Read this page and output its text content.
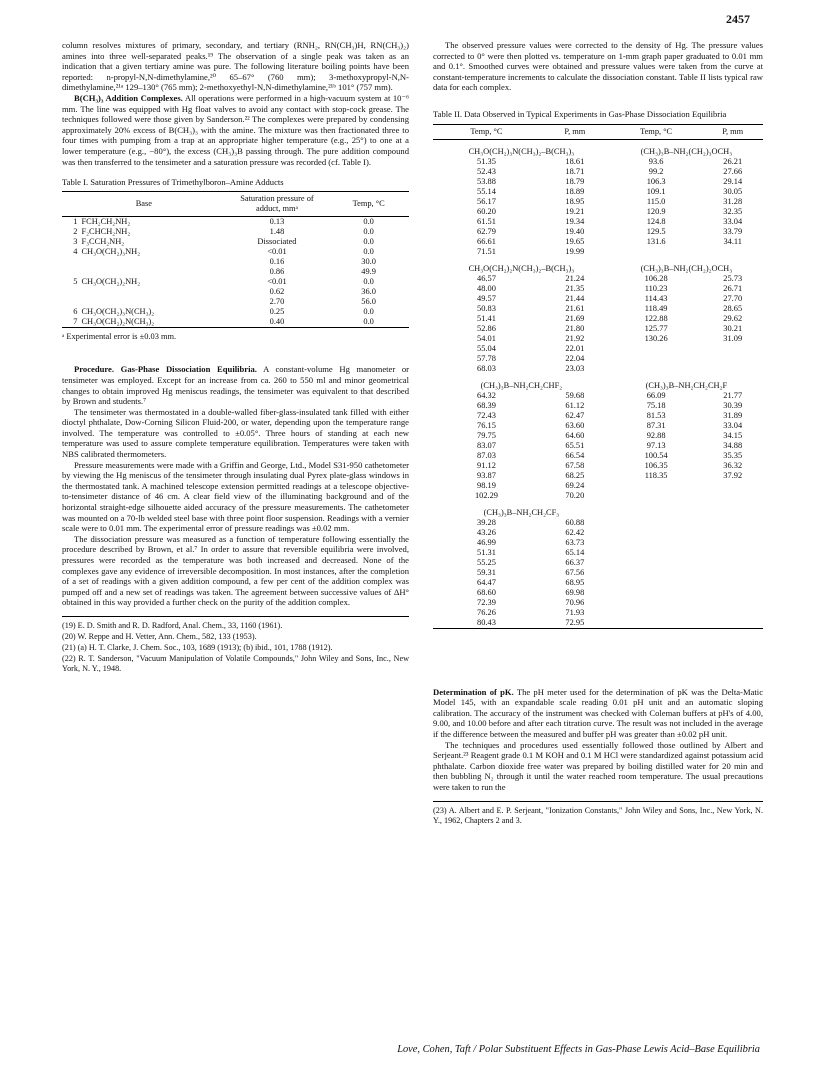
2457

column resolves mixtures of primary, secondary, and tertiary (RNH₂, RN(CH₃)H, RN(CH₃)₂) amines into three well-separated peaks.¹⁹ The observation of a single peak was taken as an indication that a given tertiary amine was pure. The following literature boiling points have been reported: n-propyl-N,N-dimethylamine,²⁰ 65–67° (760 mm); 3-methoxypropyl-N,N-dimethylamine,²¹ᵃ 129–130° (765 mm); 2-methoxyethyl-N,N-dimethylamine,²¹ᵇ 101° (757 mm).

B(CH₃)₃ Addition Complexes. All operations were performed in a high-vacuum system at 10⁻⁶ mm. The line was equipped with Hg float valves to avoid any contact with stop-cock grease. The techniques followed were those given by Sanderson.²² The complexes were prepared by condensing approximately 20% excess of B(CH₃)₃ with the amine. The mixture was then fractionated three to four times with pumping from a trap at an appropriate higher temperature (e.g., 25°) to one at a lower temperature (e.g., −80°), the excess (CH₃)₃B passing through. The pure addition compound was then transferred to the tensimeter and a saturation pressure was recorded (cf. Table I).

Table I. Saturation Pressures of Trimethylboron–Amine Adducts
Base		Saturation pressure of adduct, mmᵃ	Temp, °C
1	FCH₂CH₂NH₂	0.13	0.0
2	F₂CHCH₂NH₂	1.48	0.0
3	F₃CCH₂NH₂	Dissociated	0.0
4	CH₃O(CH₂)₃NH₂	<0.01	0.0
		0.16	30.0
		0.86	49.9
5	CH₃O(CH₂)₂NH₂	<0.01	0.0
		0.62	36.0
		2.70	56.0
6	CH₃O(CH₂)₃N(CH₃)₂	0.25	0.0
7	CH₃O(CH₂)₂N(CH₃)₂	0.40	0.0
ᵃ Experimental error is ±0.03 mm.

Procedure. Gas-Phase Dissociation Equilibria. A constant-volume Hg manometer or tensimeter was employed. Except for an increase from ca. 260 to 550 ml and minor geometrical changes to obtain improved Hg meniscus readings, the tensimeter was equivalent to that described by Brown and students.⁷

The tensimeter was thermostated in a double-walled fiber-glass-insulated tank filled with either dioctyl phthalate, Dow-Corning Silicon Fluid-200, or water, depending upon the temperature range involved. The temperature was controlled to ±0.05°. Three hours of standing at each new temperature was used to assure complete temperature equilibration. Temperatures were taken with NBS calibrated thermometers.

Pressure measurements were made with a Griffin and George, Ltd., Model S31-950 cathetometer by viewing the Hg meniscus of the tensimeter through insulating dual Pyrex plate-glass windows in the thermostated tank. A machined telescope extension permitted readings at a telescope objective-to-tensimeter distance of 46 cm. A clear field view of the illuminating background and of the horizontal straight-edge silhouette aided accuracy of the pressure measurements. The cathetometer was mounted on a 70-lb welded steel base with three point floor suspension. Readings with a vernier scale were to 0.01 mm. The experimental error of pressure readings was ±0.02 mm.

The dissociation pressure was measured as a function of temperature following essentially the procedure described by Brown, et al.⁷ In order to assure that reversible equilibria were involved, pressures were recorded as the temperature was both increased and decreased. None of the complexes gave any evidence of irreversible decomposition. In most instances, after the completion of a set of readings with a given addition compound, a few per cent of the addition complex was pumped off and a new set of readings was taken. The agreement between successive values of ΔH° obtained in this way provided a further check on the purity of the addition complex.

(19) E. D. Smith and R. D. Radford, Anal. Chem., 33, 1160 (1961).
(20) W. Reppe and H. Vetter, Ann. Chem., 582, 133 (1953).
(21) (a) H. T. Clarke, J. Chem. Soc., 103, 1689 (1913); (b) ibid., 101, 1788 (1912).
(22) R. T. Sanderson, "Vacuum Manipulation of Volatile Compounds," John Wiley and Sons, Inc., New York, N. Y., 1948.

The observed pressure values were corrected to the density of Hg. The pressure values corrected to 0° were then plotted vs. temperature on 1-mm graph paper graduated to 0.01 mm and 0.1°. Smoothed curves were obtained and pressure values were taken from the curve at constant-temperature increments to calculate the dissociation constant. Table II lists typical raw data for each complex.

Table II. Data Observed in Typical Experiments in Gas-Phase Dissociation Equilibria
Temp, °C	P, mm	Temp, °C	P, mm
CH₃O(CH₂)₃N(CH₃)₂–B(CH₃)₃		(CH₃)₃B–NH₂(CH₂)₃OCH₃	
51.35	18.61	93.6	26.21
52.43	18.71	99.2	27.66
53.88	18.79	106.3	29.14
55.14	18.89	109.1	30.05
56.17	18.95	115.0	31.28
60.20	19.21	120.9	32.35
61.51	19.34	124.8	33.04
62.79	19.40	129.5	33.79
66.61	19.65	131.6	34.11
71.51	19.99		
CH₃O(CH₂)₂N(CH₃)₂–B(CH₃)₃		(CH₃)₃B–NH₂(CH₂)₂OCH₃	
46.57	21.24	106.28	25.73
48.00	21.35	110.23	26.71
49.57	21.44	114.43	27.70
50.83	21.61	118.49	28.65
51.41	21.69	122.88	29.62
52.86	21.80	125.77	30.21
54.01	21.92	130.26	31.09
55.04	22.01		
57.78	22.04		
68.03	23.03		
(CH₃)₃B–NH₂CH₂CHF₂		(CH₃)₃B–NH₂CH₂CH₂F	
64.32	59.68	66.09	21.77
68.39	61.12	75.18	30.39
72.43	62.47	81.53	31.89
76.15	63.60	87.31	33.04
79.75	64.60	92.88	34.15
83.07	65.51	97.13	34.88
87.03	66.54	100.54	35.35
91.12	67.58	106.35	36.32
93.87	68.25	118.35	37.92
98.19	69.24		
102.29	70.20		
(CH₃)₃B–NH₂CH₂CF₃			
39.28	60.88		
43.26	62.42		
46.99	63.73		
51.31	65.14		
55.25	66.37		
59.31	67.56		
64.47	68.95		
68.60	69.98		
72.39	70.96		
76.26	71.93		
80.43	72.95		

Determination of pK. The pH meter used for the determination of pK was the Delta-Matic Model 145, with an expandable scale reading 0.01 pH unit and an automatic sloping calibration. The accuracy of the instrument was checked with Coleman buffers at pH's of 4.00, 9.00, and 10.00 before and after each titration curve. The result was not included in the average if the difference between the measured and buffer pH was greater than ±0.02 pH unit.

The techniques and procedures used essentially followed those outlined by Albert and Serjeant.²³ Reagent grade 0.1 M KOH and 0.1 M HCl were standardized against potassium acid phthalate. Carbon dioxide free water was prepared by boiling distilled water for 20 min and then bubbling N₂ through it until the water reached room temperature. The usual precautions were taken to run the

(23) A. Albert and E. P. Serjeant, "Ionization Constants," John Wiley and Sons, Inc., New York, N. Y., 1962, Chapters 2 and 3.
Love, Cohen, Taft / Polar Substituent Effects in Gas-Phase Lewis Acid–Base Equilibria
